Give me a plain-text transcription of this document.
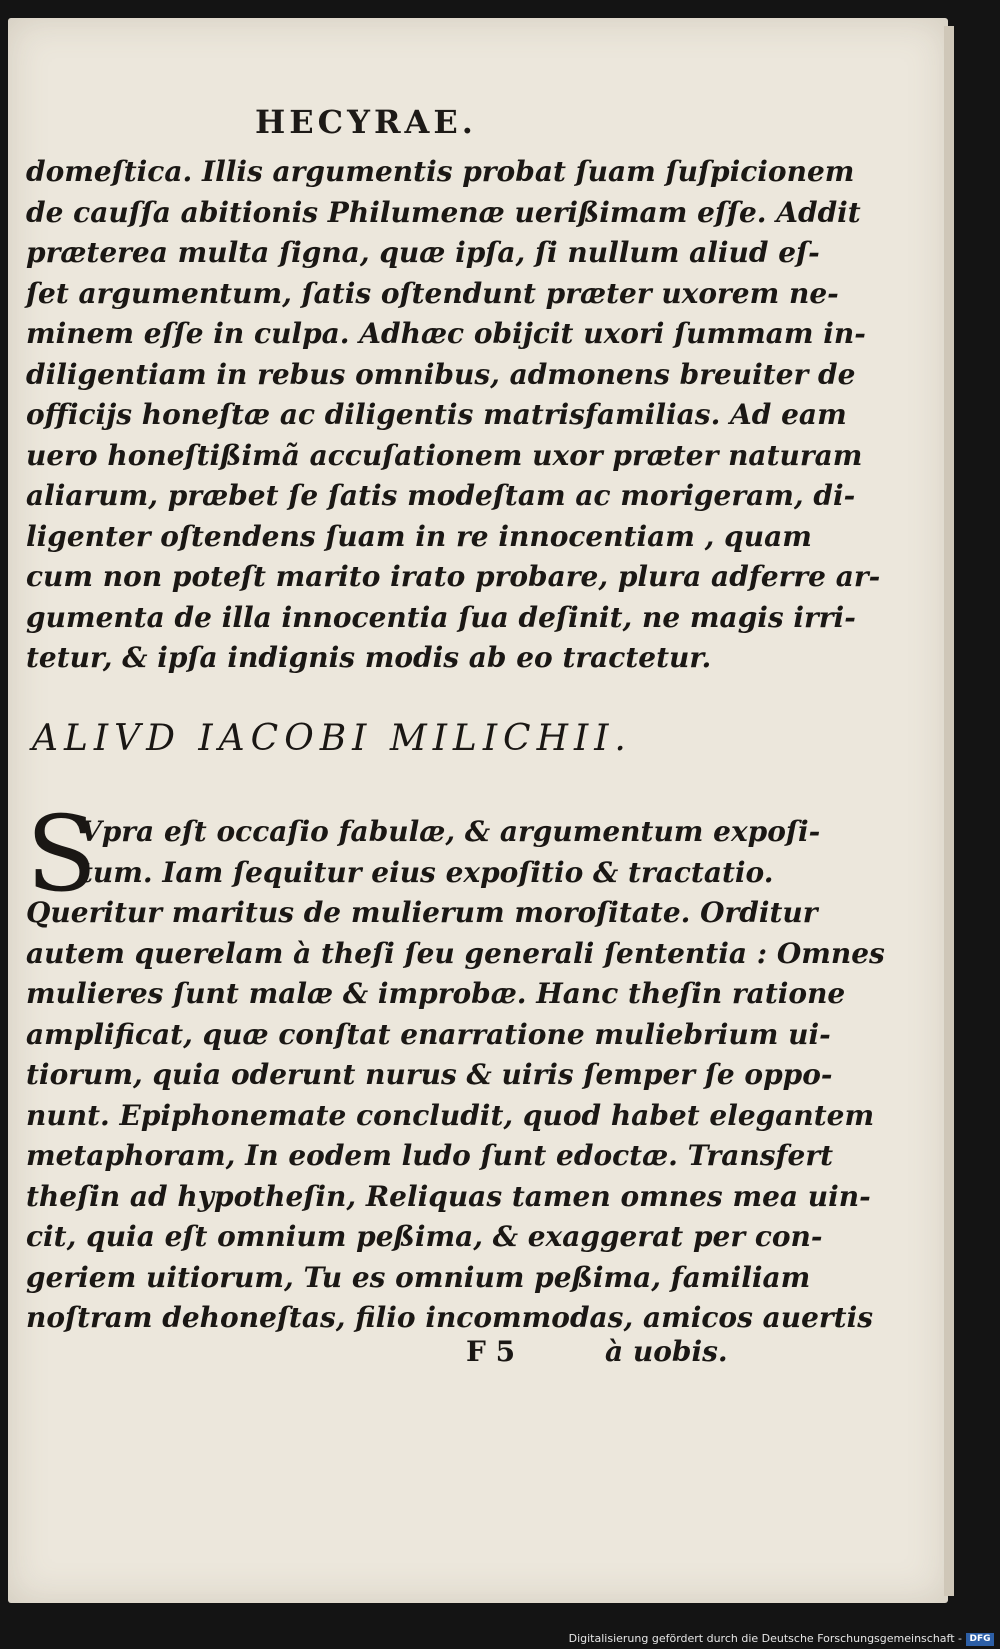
HECYRAE.
domeſtica. Illis argumentis probat ſuam ſuſpicionem
de cauſſa abitionis Philumenæ uerißimam eſſe. Addit
præterea multa ſigna, quæ ipſa, ſi nullum aliud eſ-
ſet argumentum, ſatis oſtendunt præter uxorem ne-
minem eſſe in culpa. Adhæc obijcit uxori ſummam in-
diligentiam in rebus omnibus, admonens breuiter de
officijs honeſtæ ac diligentis matrisfamilias. Ad eam
uero honeſtißimã accuſationem uxor præter naturam
aliarum, præbet ſe ſatis modeſtam ac morigeram, di-
ligenter oſtendens ſuam in re innocentiam , quam
cum non poteſt marito irato probare, plura adferre ar-
gumenta de illa innocentia ſua deſinit, ne magis irri-
tetur, & ipſa indignis modis ab eo tractetur.
ALIVD IACOBI MILICHII.
S
Vpra eſt occaſio fabulæ, & argumentum expoſi-
tum. Iam ſequitur eius expoſitio & tractatio.
Queritur maritus de mulierum moroſitate. Orditur
autem querelam à theſi ſeu generali ſententia : Omnes
mulieres ſunt malæ & improbæ. Hanc theſin ratione
amplificat, quæ conſtat enarratione muliebrium ui-
tiorum, quia oderunt nurus & uiris ſemper ſe oppo-
nunt. Epiphonemate concludit, quod habet elegantem
metaphoram, In eodem ludo ſunt edoctæ. Transfert
theſin ad hypotheſin, Reliquas tamen omnes mea uin-
cit, quia eſt omnium peßima, & exaggerat per con-
geriem uitiorum, Tu es omnium peßima, familiam
noſtram dehoneſtas, filio incommodas, amicos auertis
F 5	à uobis.
Digitalisierung gefördert durch die Deutsche Forschungsgemeinschaft - DFG
